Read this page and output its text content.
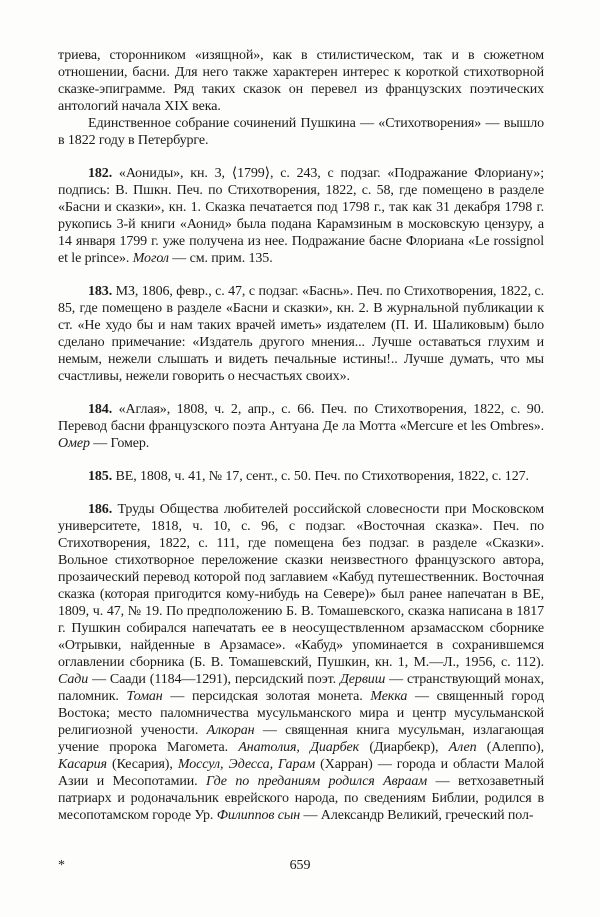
триева, сторонником «изящной», как в стилистическом, так и в сюжетном отношении, басни. Для него также характерен интерес к короткой стихотворной сказке-эпиграмме. Ряд таких сказок он перевел из французских поэтических антологий начала XIX века.

Единственное собрание сочинений Пушкина — «Стихотворения» — вышло в 1822 году в Петербурге.

182. «Аониды», кн. 3, ⟨1799⟩, с. 243, с подзаг. «Подражание Флориану»; подпись: В. Пшкн. Печ. по Стихотворения, 1822, с. 58, где помещено в разделе «Басни и сказки», кн. 1. Сказка печатается под 1798 г., так как 31 декабря 1798 г. рукопись 3-й книги «Аонид» была подана Карамзиным в московскую цензуру, а 14 января 1799 г. уже получена из нее. Подражание басне Флориана «Le rossignol et le prince». Могол — см. прим. 135.

183. МЗ, 1806, февр., с. 47, с подзаг. «Баснь». Печ. по Стихотворения, 1822, с. 85, где помещено в разделе «Басни и сказки», кн. 2. В журнальной публикации к ст. «Не худо бы и нам таких врачей иметь» издателем (П. И. Шаликовым) было сделано примечание: «Издатель другого мнения... Лучше оставаться глухим и немым, нежели слышать и видеть печальные истины!.. Лучше думать, что мы счастливы, нежели говорить о несчастьях своих».

184. «Аглая», 1808, ч. 2, апр., с. 66. Печ. по Стихотворения, 1822, с. 90. Перевод басни французского поэта Антуана Де ла Мотта «Mercure et les Ombres». Омер — Гомер.

185. ВЕ, 1808, ч. 41, № 17, сент., с. 50. Печ. по Стихотворения, 1822, с. 127.

186. Труды Общества любителей российской словесности при Московском университете, 1818, ч. 10, с. 96, с подзаг. «Восточная сказка». Печ. по Стихотворения, 1822, с. 111, где помещена без подзаг. в разделе «Сказки». Вольное стихотворное переложение сказки неизвестного французского автора, прозаический перевод которой под заглавием «Кабуд путешественник. Восточная сказка (которая пригодится кому-нибудь на Севере)» был ранее напечатан в ВЕ, 1809, ч. 47, № 19. По предположению Б. В. Томашевского, сказка написана в 1817 г. Пушкин собирался напечатать ее в неосуществленном арзамасском сборнике «Отрывки, найденные в Арзамасе». «Кабуд» упоминается в сохранившемся оглавлении сборника (Б. В. Томашевский, Пушкин, кн. 1, М.—Л., 1956, с. 112). Сади — Саади (1184—1291), персидский поэт. Дервиш — странствующий монах, паломник. Томан — персидская золотая монета. Мекка — священный город Востока; место паломничества мусульманского мира и центр мусульманской религиозной учености. Алкоран — священная книга мусульман, излагающая учение пророка Магомета. Анатолия, Диарбек (Диарбекр), Алеп (Алеппо), Касария (Кесария), Моссул, Эдесса, Гарам (Харран) — города и области Малой Азии и Месопотамии. Где по преданиям родился Авраам — ветхозаветный патриарх и родоначальник еврейского народа, по сведениям Библии, родился в месопотамском городе Ур. Филиппов сын — Александр Великий, греческий пол-

*	659
